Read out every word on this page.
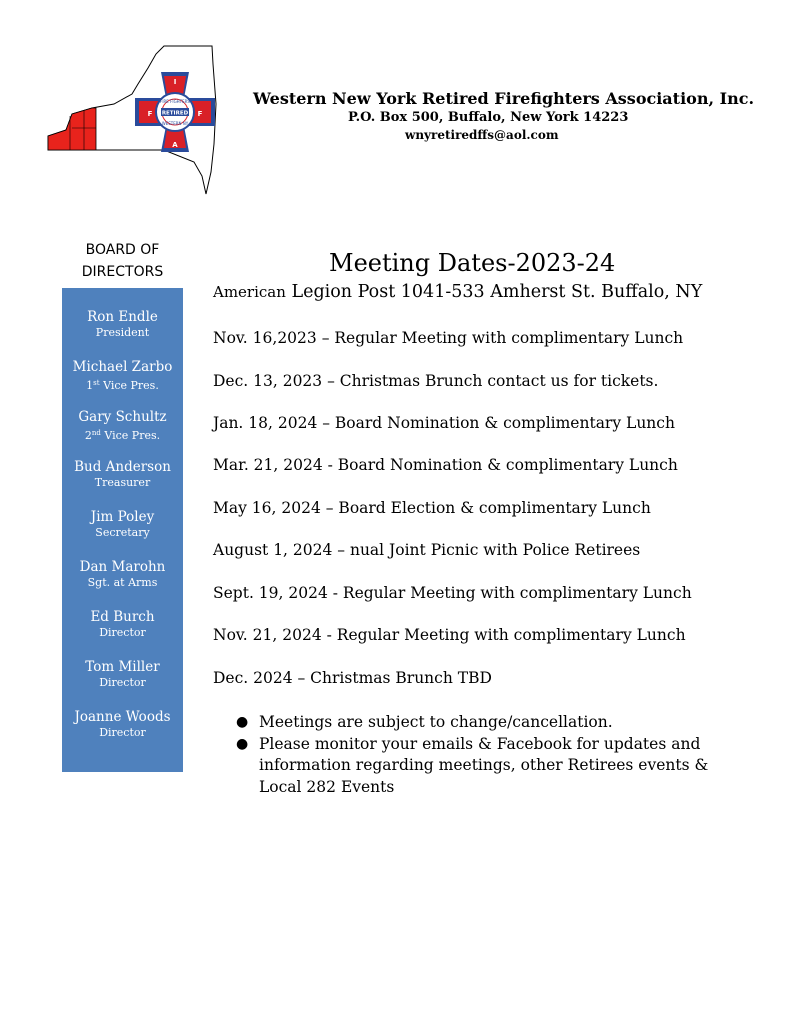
FIRE FIGHTERS
RETIRED
WESTERN NY
I
F	F
A
Western New York Retired Firefighters Association, Inc.
P.O. Box 500, Buffalo, New York 14223
wnyretiredffs@aol.com
BOARD OF
DIRECTORS
Ron Endle
President
Michael Zarbo
1st Vice Pres.
Gary Schultz
2nd Vice Pres.
Bud Anderson
Treasurer
Jim Poley
Secretary
Dan Marohn
Sgt. at Arms
Ed Burch
Director
Tom Miller
Director
Joanne Woods
Director
Meeting Dates-2023-24
American Legion Post 1041-533 Amherst St. Buffalo, NY
Nov. 16,2023 – Regular Meeting with complimentary Lunch
Dec. 13, 2023 – Christmas Brunch contact us for tickets.
Jan. 18, 2024 – Board Nomination & complimentary Lunch
Mar. 21, 2024 - Board Nomination & complimentary Lunch
May 16, 2024 – Board Election & complimentary Lunch
August 1, 2024 – nual Joint Picnic with Police Retirees
Sept. 19, 2024 - Regular Meeting with complimentary Lunch
Nov. 21, 2024 - Regular Meeting with complimentary Lunch
Dec. 2024 – Christmas Brunch TBD
● Meetings are subject to change/cancellation.
● Please monitor your emails & Facebook for updates and information regarding meetings, other Retirees events & Local 282 Events
